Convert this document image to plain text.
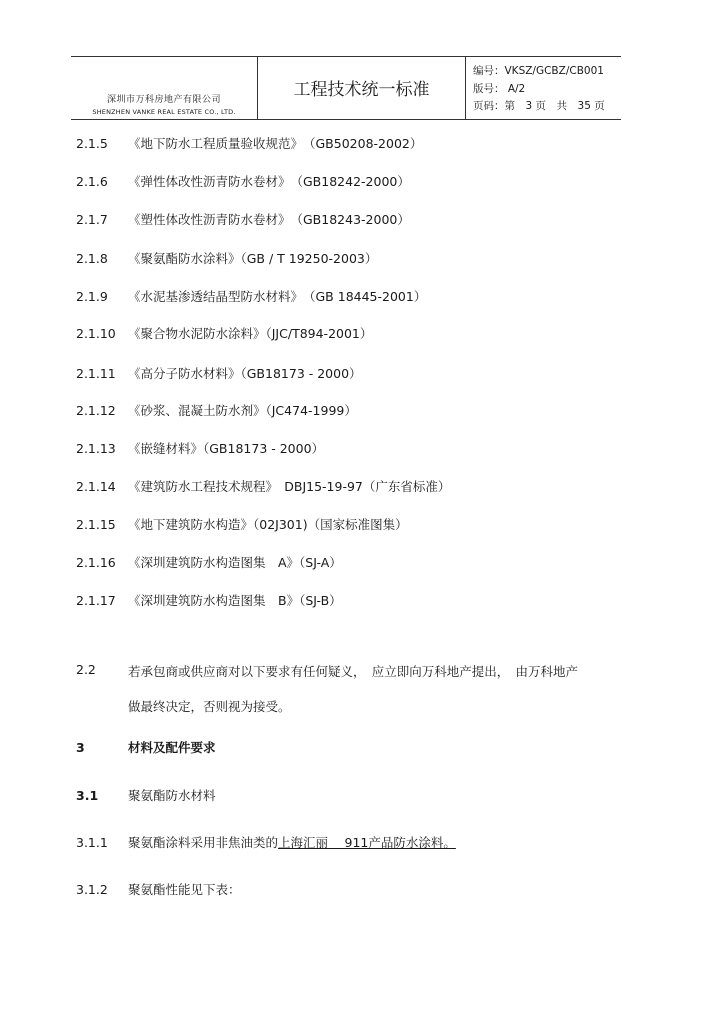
深圳市万科房地产有限公司
SHENZHEN VANKE REAL ESTATE CO., LTD.
工程技术统一标准
编号：VKSZ/GCBZ/CB001
版号： A/2
页码：第　3 页　共　35 页
2.1.5 《地下防水工程质量验收规范》　（GB50208-2002）
2.1.6 《弹性体改性沥青防水卷材》　（GB18242-2000）
2.1.7 《塑性体改性沥青防水卷材》　（GB18243-2000）
2.1.8 《聚氨酯防水涂料》（GB / T 19250-2003）
2.1.9 《水泥基渗透结晶型防水材料》　（GB 18445-2001）
2.1.10 《聚合物水泥防水涂料》（JJC/T894-2001）
2.1.11 《高分子防水材料》（GB18173 - 2000）
2.1.12 《砂浆、混凝土防水剂》（JC474-1999）
2.1.13 《嵌缝材料》（GB18173 - 2000）
2.1.14 《建筑防水工程技术规程》　DBJ15-19-97（广东省标准）
2.1.15 《地下建筑防水构造》（02J301)（国家标准图集）
2.1.16 《深圳建筑防水构造图集　A》（SJ-A）
2.1.17 《深圳建筑防水构造图集　B》（SJ-B）
2.2	若承包商或供应商对以下要求有任何疑义，　应立即向万科地产提出，　由万科地产
做最终决定，否则视为接受。
3	材料及配件要求
3.1 聚氨酯防水材料
3.1.1 聚氨酯涂料采用非焦油类的上海汇丽　 911产品防水涂料。
3.1.2 聚氨酯性能见下表：
